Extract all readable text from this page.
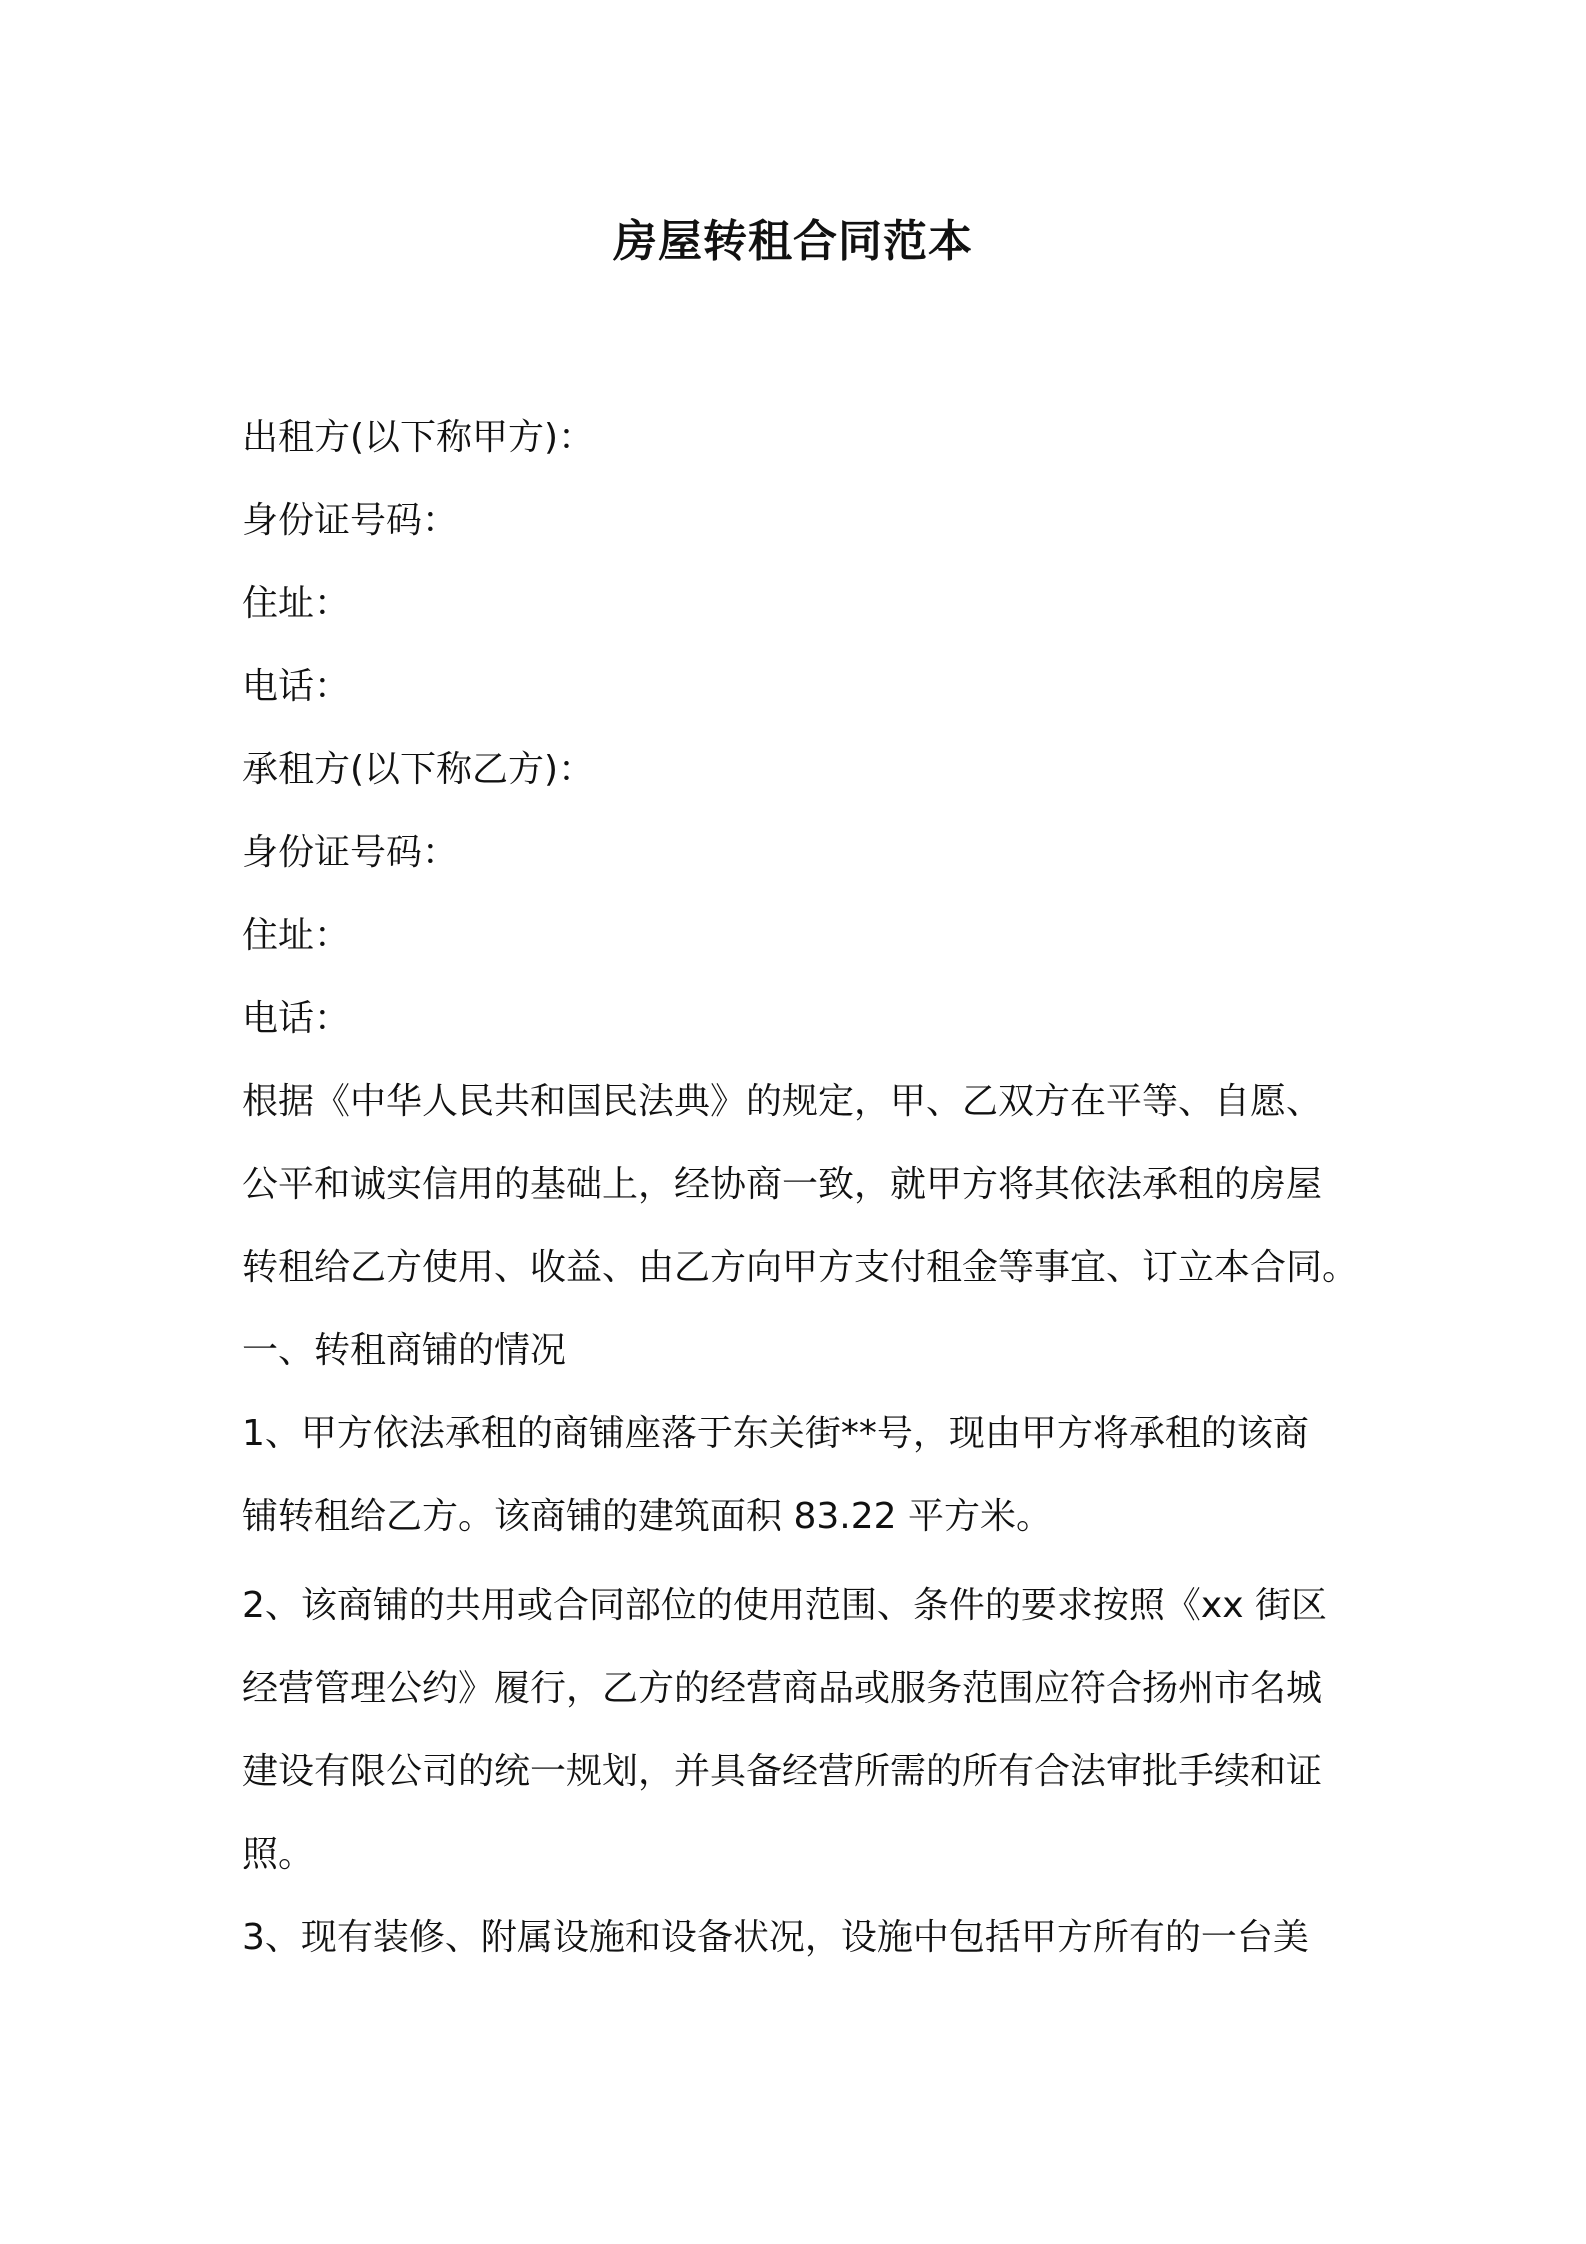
房屋转租合同范本

出租方(以下称甲方)：

身份证号码：

住址：

电话：

承租方(以下称乙方)：

身份证号码：

住址：

电话：

根据《中华人民共和国民法典》的规定，甲、乙双方在平等、自愿、

公平和诚实信用的基础上，经协商一致，就甲方将其依法承租的房屋

转租给乙方使用、收益、由乙方向甲方支付租金等事宜、订立本合同。

一、转租商铺的情况

1、甲方依法承租的商铺座落于东关街**号，现由甲方将承租的该商

铺转租给乙方。该商铺的建筑面积 83.22 平方米。

2、该商铺的共用或合同部位的使用范围、条件的要求按照《xx 街区

经营管理公约》履行，乙方的经营商品或服务范围应符合扬州市名城

建设有限公司的统一规划，并具备经营所需的所有合法审批手续和证

照。

3、现有装修、附属设施和设备状况，设施中包括甲方所有的一台美
